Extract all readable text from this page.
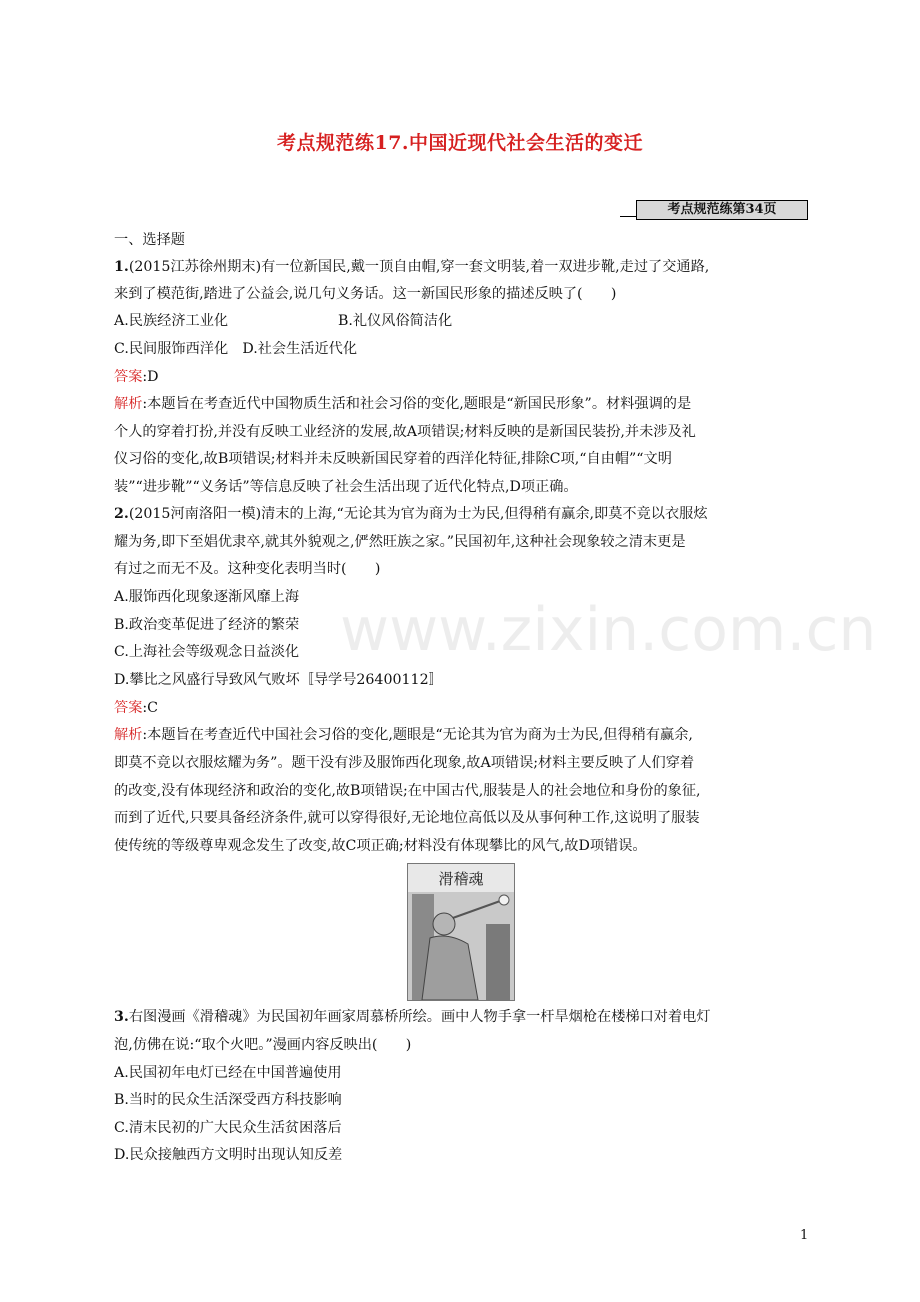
考点规范练17.中国近现代社会生活的变迁
考点规范练第34页
www.zixin.com.cn
一、选择题
1.(2015江苏徐州期末)有一位新国民,戴一顶自由帽,穿一套文明装,着一双进步靴,走过了交通路,
来到了模范街,踏进了公益会,说几句义务话。这一新国民形象的描述反映了(　　)
A.民族经济工业化	B.礼仪风俗简洁化
C.民间服饰西洋化　D.社会生活近代化
答案:D
解析:本题旨在考查近代中国物质生活和社会习俗的变化,题眼是“新国民形象”。材料强调的是
个人的穿着打扮,并没有反映工业经济的发展,故A项错误;材料反映的是新国民装扮,并未涉及礼
仪习俗的变化,故B项错误;材料并未反映新国民穿着的西洋化特征,排除C项,“自由帽”“文明
装”“进步靴”“义务话”等信息反映了社会生活出现了近代化特点,D项正确。
2.(2015河南洛阳一模)清末的上海,“无论其为官为商为士为民,但得稍有赢余,即莫不竞以衣服炫
耀为务,即下至娼优隶卒,就其外貌观之,俨然旺族之家。”民国初年,这种社会现象较之清末更是
有过之而无不及。这种变化表明当时(　　)
A.服饰西化现象逐渐风靡上海
B.政治变革促进了经济的繁荣
C.上海社会等级观念日益淡化
D.攀比之风盛行导致风气败坏〚导学号26400112〛
答案:C
解析:本题旨在考查近代中国社会习俗的变化,题眼是“无论其为官为商为士为民,但得稍有赢余,
即莫不竞以衣服炫耀为务”。题干没有涉及服饰西化现象,故A项错误;材料主要反映了人们穿着
的改变,没有体现经济和政治的变化,故B项错误;在中国古代,服装是人的社会地位和身份的象征,
而到了近代,只要具备经济条件,就可以穿得很好,无论地位高低以及从事何种工作,这说明了服装
使传统的等级尊卑观念发生了改变,故C项正确;材料没有体现攀比的风气,故D项错误。
滑稽魂
3.右图漫画《滑稽魂》为民国初年画家周慕桥所绘。画中人物手拿一杆旱烟枪在楼梯口对着电灯
泡,仿佛在说:“取个火吧。”漫画内容反映出(　　)
A.民国初年电灯已经在中国普遍使用
B.当时的民众生活深受西方科技影响
C.清末民初的广大民众生活贫困落后
D.民众接触西方文明时出现认知反差
1
